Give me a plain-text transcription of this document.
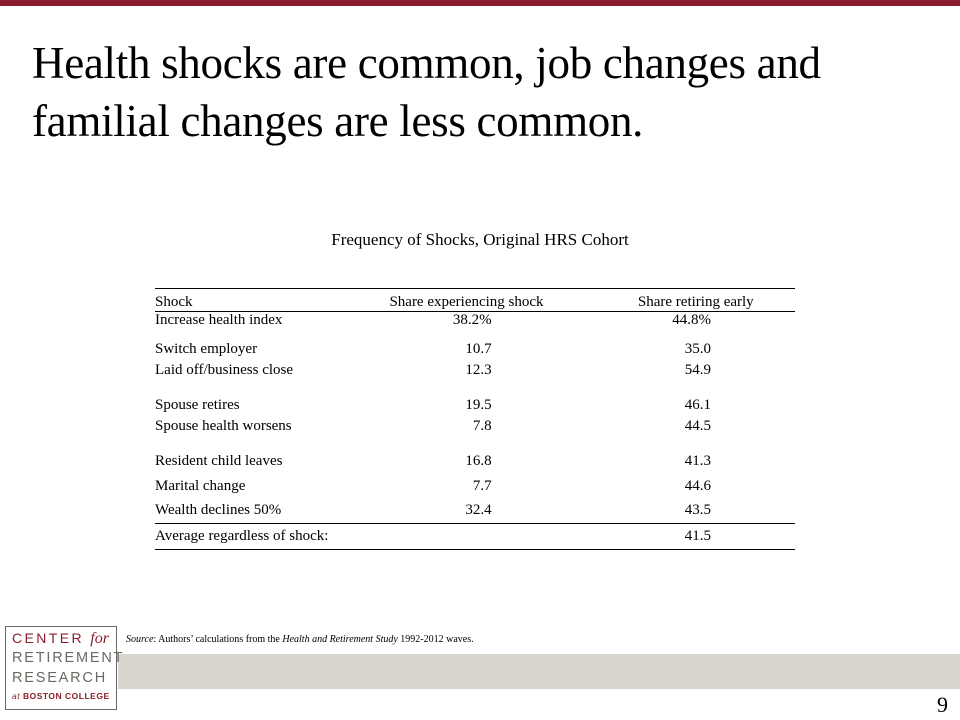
Health shocks are common, job changes and familial changes are less common.
Frequency of Shocks, Original HRS Cohort
Shock	Share experiencing shock	Share retiring early
Increase health index	38.2%	44.8%
Switch employer	10.7	35.0
Laid off/business close	12.3	54.9
Spouse retires	19.5	46.1
Spouse health worsens	7.8	44.5
Resident child leaves	16.8	41.3
Marital change	7.7	44.6
Wealth declines 50%	32.4	43.5
Average regardless of shock:		41.5
Source: Authors’ calculations from the Health and Retirement Study 1992-2012 waves.
CENTER for
RETIREMENT
RESEARCH
at BOSTON COLLEGE	9
